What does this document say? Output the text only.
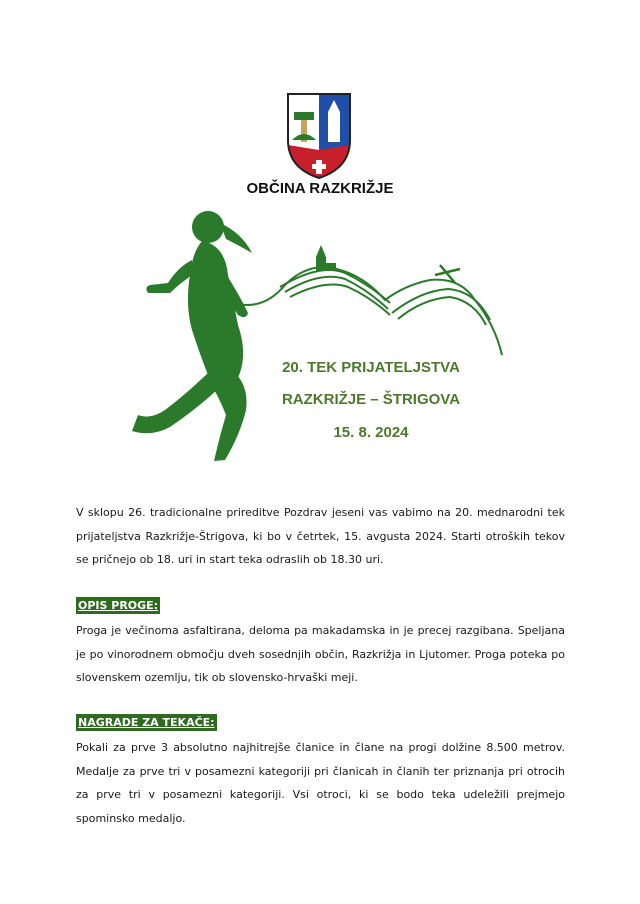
OBČINA RAZKRIŽJE
20. TEK PRIJATELJSTVA
RAZKRIŽJE – ŠTRIGOVA
15. 8. 2024
V sklopu 26. tradicionalne prireditve Pozdrav jeseni vas vabimo na 20. mednarodni tek prijateljstva Razkrižje-Štrigova, ki bo v četrtek, 15. avgusta 2024. Starti otroških tekov se pričnejo ob 18. uri in start teka odraslih ob 18.30 uri.
OPIS PROGE:
Proga je večinoma asfaltirana, deloma pa makadamska in je precej razgibana. Speljana je po vinorodnem območju dveh sosednjih občin, Razkrižja in Ljutomer. Proga poteka po slovenskem ozemlju, tik ob slovensko-hrvaški meji.
NAGRADE ZA TEKAČE:
Pokali za prve 3 absolutno najhitrejše članice in člane na progi dolžine 8.500 metrov. Medalje za prve tri v posamezni kategoriji pri članicah in članih ter priznanja pri otrocih za prve tri v posamezni kategoriji. Vsi otroci, ki se bodo teka udeležili prejmejo spominsko medaljo.
